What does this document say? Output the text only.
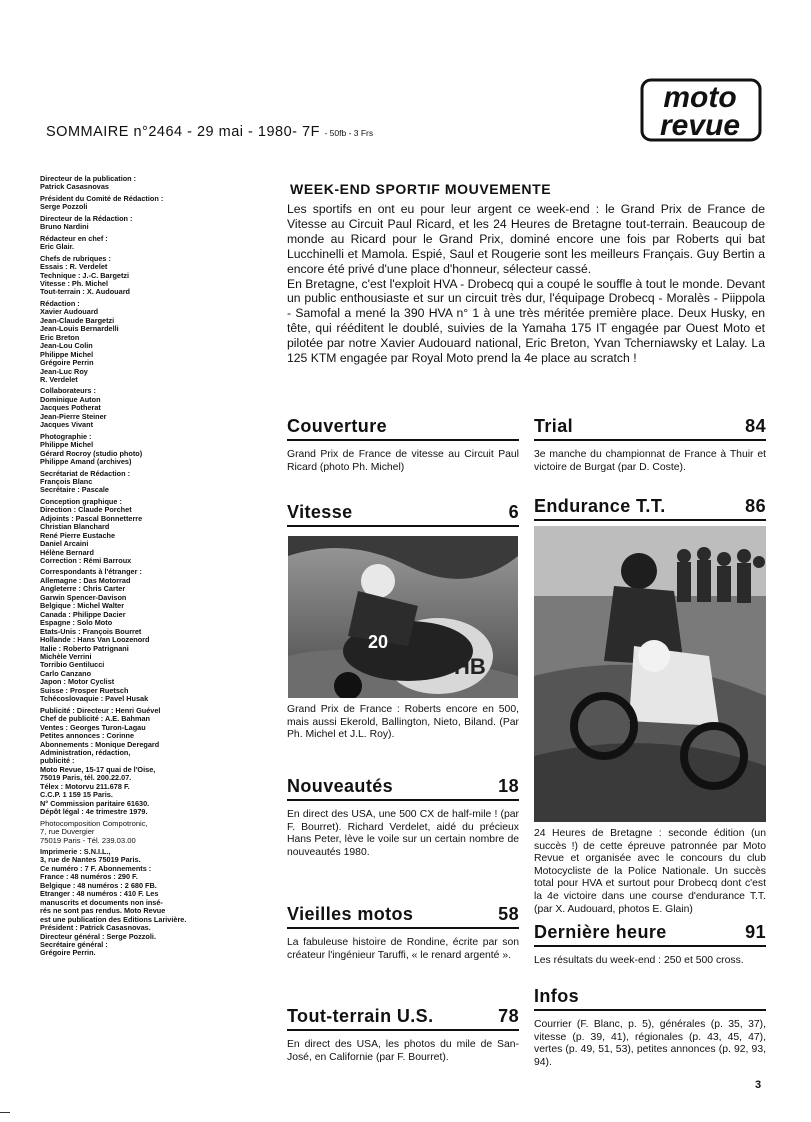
moto
revue
SOMMAIRE n°2464 - 29 mai - 1980- 7F - 50fb - 3 Frs
Directeur de la publication :
Patrick Casasnovas
Président du Comité de Rédaction :
Serge Pozzoli
Directeur de la Rédaction :
Bruno Nardini
Rédacteur en chef :
Eric Glair.
Chefs de rubriques :
Essais : R. Verdelet
Technique : J.-C. Bargetzi
Vitesse : Ph. Michel
Tout-terrain : X. Audouard
Rédaction :
Xavier Audouard
Jean-Claude Bargetzi
Jean-Louis Bernardelli
Eric Breton
Jean-Lou Colin
Philippe Michel
Grégoire Perrin
Jean-Luc Roy
R. Verdelet
Collaborateurs :
Dominique Auton
Jacques Potherat
Jean-Pierre Steiner
Jacques Vivant
Photographie :
Philippe Michel
Gérard Rocroy (studio photo)
Philippe Amand (archives)
Secrétariat de Rédaction :
François Blanc
Secrétaire : Pascale
Conception graphique :
Direction : Claude Porchet
Adjoints : Pascal Bonnetterre
Christian Blanchard
René Pierre Eustache
Daniel Arcaini
Hélène Bernard
Correction : Rémi Barroux
Correspondants à l'étranger :
Allemagne : Das Motorrad
Angleterre : Chris Carter
Garwin Spencer-Davison
Belgique : Michel Walter
Canada : Philippe Dacier
Espagne : Solo Moto
Etats-Unis : François Bourret
Hollande : Hans Van Loozenord
Italie : Roberto Patrignani
Michèle Verrini
Torribio Gentilucci
Carlo Canzano
Japon : Motor Cyclist
Suisse : Prosper Ruetsch
Tchécoslovaquie : Pavel Husak
Publicité : Directeur : Henri Guével
Chef de publicité : A.E. Bahman
Ventes : Georges Turon-Lagau
Petites annonces : Corinne
Abonnements : Monique Deregard
Administration, rédaction,
publicité :
Moto Revue, 15-17 quai de l'Oise,
75019 Paris, tél. 200.22.07.
Télex : Motorvu 211.678 F.
C.C.P. 1 159 15 Paris.
N° Commission paritaire 61630.
Dépôt légal : 4e trimestre 1979.
Photocomposition Compotronic,
7, rue Duvergier
75019 Paris - Tél. 239.03.00
Imprimerie : S.N.I.L.,
3, rue de Nantes 75019 Paris.
Ce numéro : 7 F. Abonnements :
France : 48 numéros : 290 F.
Belgique : 48 numéros : 2 680 FB.
Etranger : 48 numéros : 410 F. Les
manuscrits et documents non insé-
rés ne sont pas rendus. Moto Revue
est une publication des Editions Larivière.
Président : Patrick Casasnovas.
Directeur général : Serge Pozzoli.
Secrétaire général :
Grégoire Perrin.
WEEK-END SPORTIF MOUVEMENTE

Les sportifs en ont eu pour leur argent ce week-end : le Grand Prix de France de Vitesse au Circuit Paul Ricard, et les 24 Heures de Bretagne tout-terrain. Beaucoup de monde au Ricard pour le Grand Prix, dominé encore une fois par Roberts qui bat Lucchinelli et Mamola. Espié, Saul et Rougerie sont les meilleurs Français. Guy Bertin a encore été privé d'une place d'honneur, sélecteur cassé.

En Bretagne, c'est l'exploit HVA - Drobecq qui a coupé le souffle à tout le monde. Devant un public enthousiaste et sur un circuit très dur, l'équipage Drobecq - Moralès - Piippola - Samofal a mené la 390 HVA n° 1 à une très méritée première place. Deux Husky, en tête, qui rééditent le doublé, suivies de la Yamaha 175 IT engagée par Ouest Moto et pilotée par notre Xavier Audouard national, Eric Breton, Yvan Tcherniawsky et Lalay. La 125 KTM engagée par Royal Moto prend la 4e place au scratch !

Couverture

Grand Prix de France de vitesse au Circuit Paul Ricard (photo Ph. Michel)

Vitesse	6
20
HB

Grand Prix de France : Roberts encore en 500, mais aussi Ekerold, Ballington, Nieto, Biland. (Par Ph. Michel et J.L. Roy).

Nouveautés	18

En direct des USA, une 500 CX de half-mile ! (par F. Bourret). Richard Verdelet, aidé du précieux Hans Peter, lève le voile sur un certain nombre de nouveautés 1980.

Vieilles motos	58

La fabuleuse histoire de Rondine, écrite par son créateur l'ingénieur Taruffi, « le renard argenté ».

Tout-terrain U.S.	78

En direct des USA, les photos du mile de San-José, en Californie (par F. Bourret).

Trial	84

3e manche du championnat de France à Thuir et victoire de Burgat (par D. Coste).

Endurance T.T.	86

24 Heures de Bretagne : seconde édition (un succès !) de cette épreuve patronnée par Moto Revue et organisée avec le concours du club Motocycliste de la Police Nationale. Un succès total pour HVA et surtout pour Drobecq dont c'est la 4e victoire dans une course d'endurance T.T. (par X. Audouard, photos E. Glain)

Dernière heure	91

Les résultats du week-end : 250 et 500 cross.

Infos

Courrier (F. Blanc, p. 5), générales (p. 35, 37), vitesse (p. 39, 41), régionales (p. 43, 45, 47), vertes (p. 49, 51, 53), petites annonces (p. 92, 93, 94).

3
